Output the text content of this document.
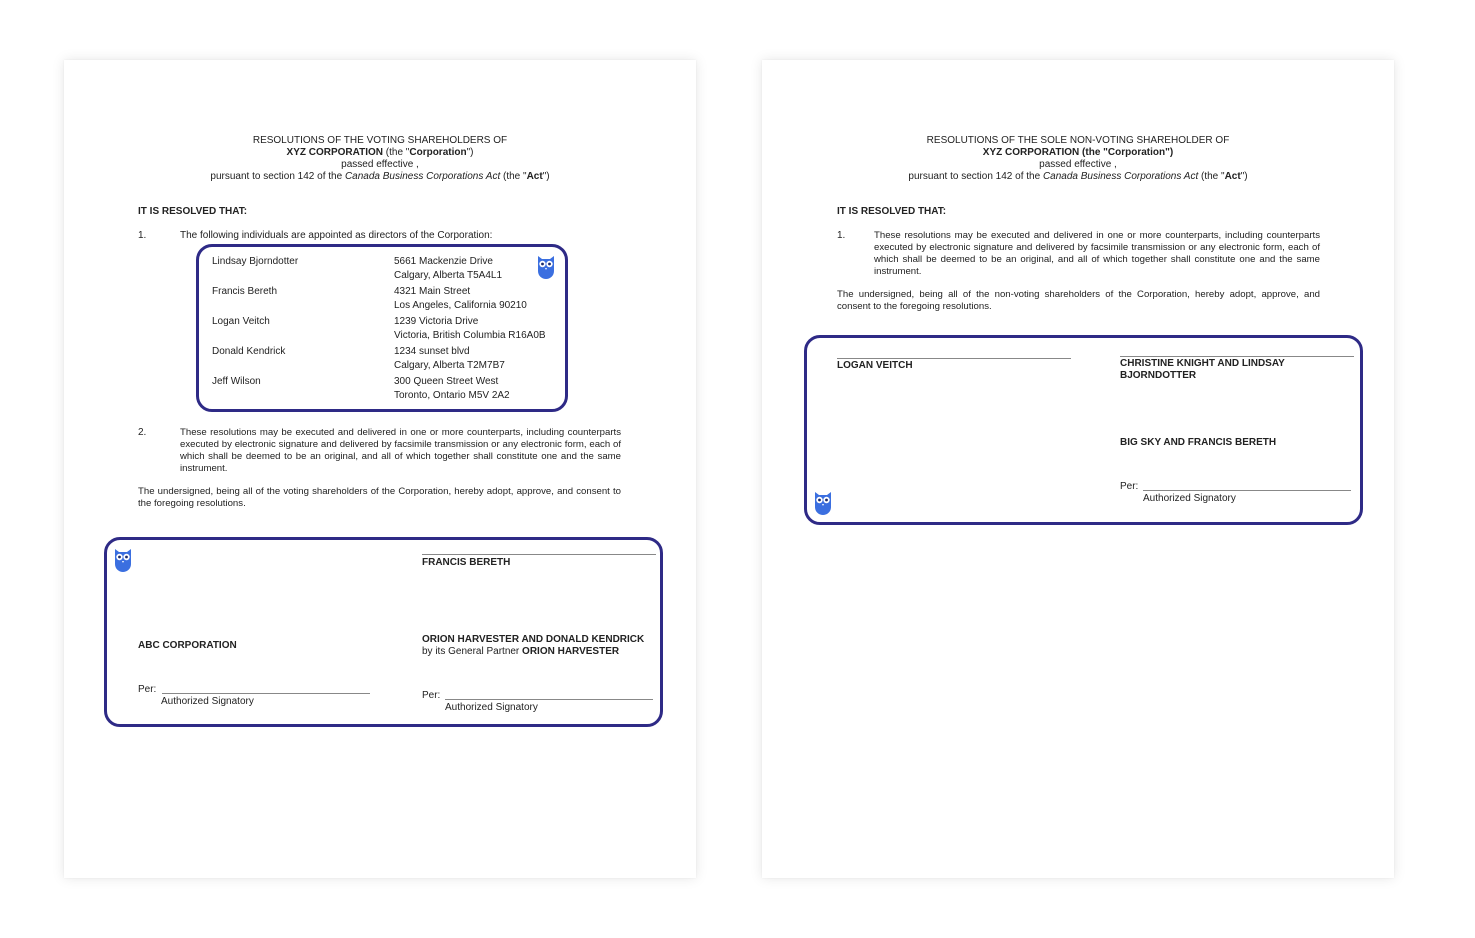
RESOLUTIONS OF THE VOTING SHAREHOLDERS OF
XYZ CORPORATION (the "Corporation")
passed effective ,
pursuant to section 142 of the Canada Business Corporations Act (the "Act")
IT IS RESOLVED THAT:
1.	The following individuals are appointed as directors of the Corporation:
Lindsay Bjorndotter	5661 Mackenzie Drive
Calgary, Alberta T5A4L1
Francis Bereth	4321 Main Street
Los Angeles, California 90210
Logan Veitch	1239 Victoria Drive
Victoria, British Columbia R16A0B
Donald Kendrick	1234 sunset blvd
Calgary, Alberta T2M7B7
Jeff Wilson	300 Queen Street West
Toronto, Ontario M5V 2A2
2.	These resolutions may be executed and delivered in one or more counterparts, including counterparts executed by electronic signature and delivered by facsimile transmission or any electronic form, each of which shall be deemed to be an original, and all of which together shall constitute one and the same instrument.
The undersigned, being all of the voting shareholders of the Corporation, hereby adopt, approve, and consent to the foregoing resolutions.
FRANCIS BERETH
ABC CORPORATION
ORION HARVESTER AND DONALD KENDRICK
by its General Partner ORION HARVESTER
Per:
Authorized Signatory
Per:
Authorized Signatory
RESOLUTIONS OF THE SOLE NON-VOTING SHAREHOLDER OF
XYZ CORPORATION (the "Corporation")
passed effective ,
pursuant to section 142 of the Canada Business Corporations Act (the "Act")
IT IS RESOLVED THAT:
1.	These resolutions may be executed and delivered in one or more counterparts, including counterparts executed by electronic signature and delivered by facsimile transmission or any electronic form, each of which shall be deemed to be an original, and all of which together shall constitute one and the same instrument.
The undersigned, being all of the non-voting shareholders of the Corporation, hereby adopt, approve, and consent to the foregoing resolutions.
LOGAN VEITCH	CHRISTINE KNIGHT AND LINDSAY BJORNDOTTER
BIG SKY AND FRANCIS BERETH
Per:
Authorized Signatory
